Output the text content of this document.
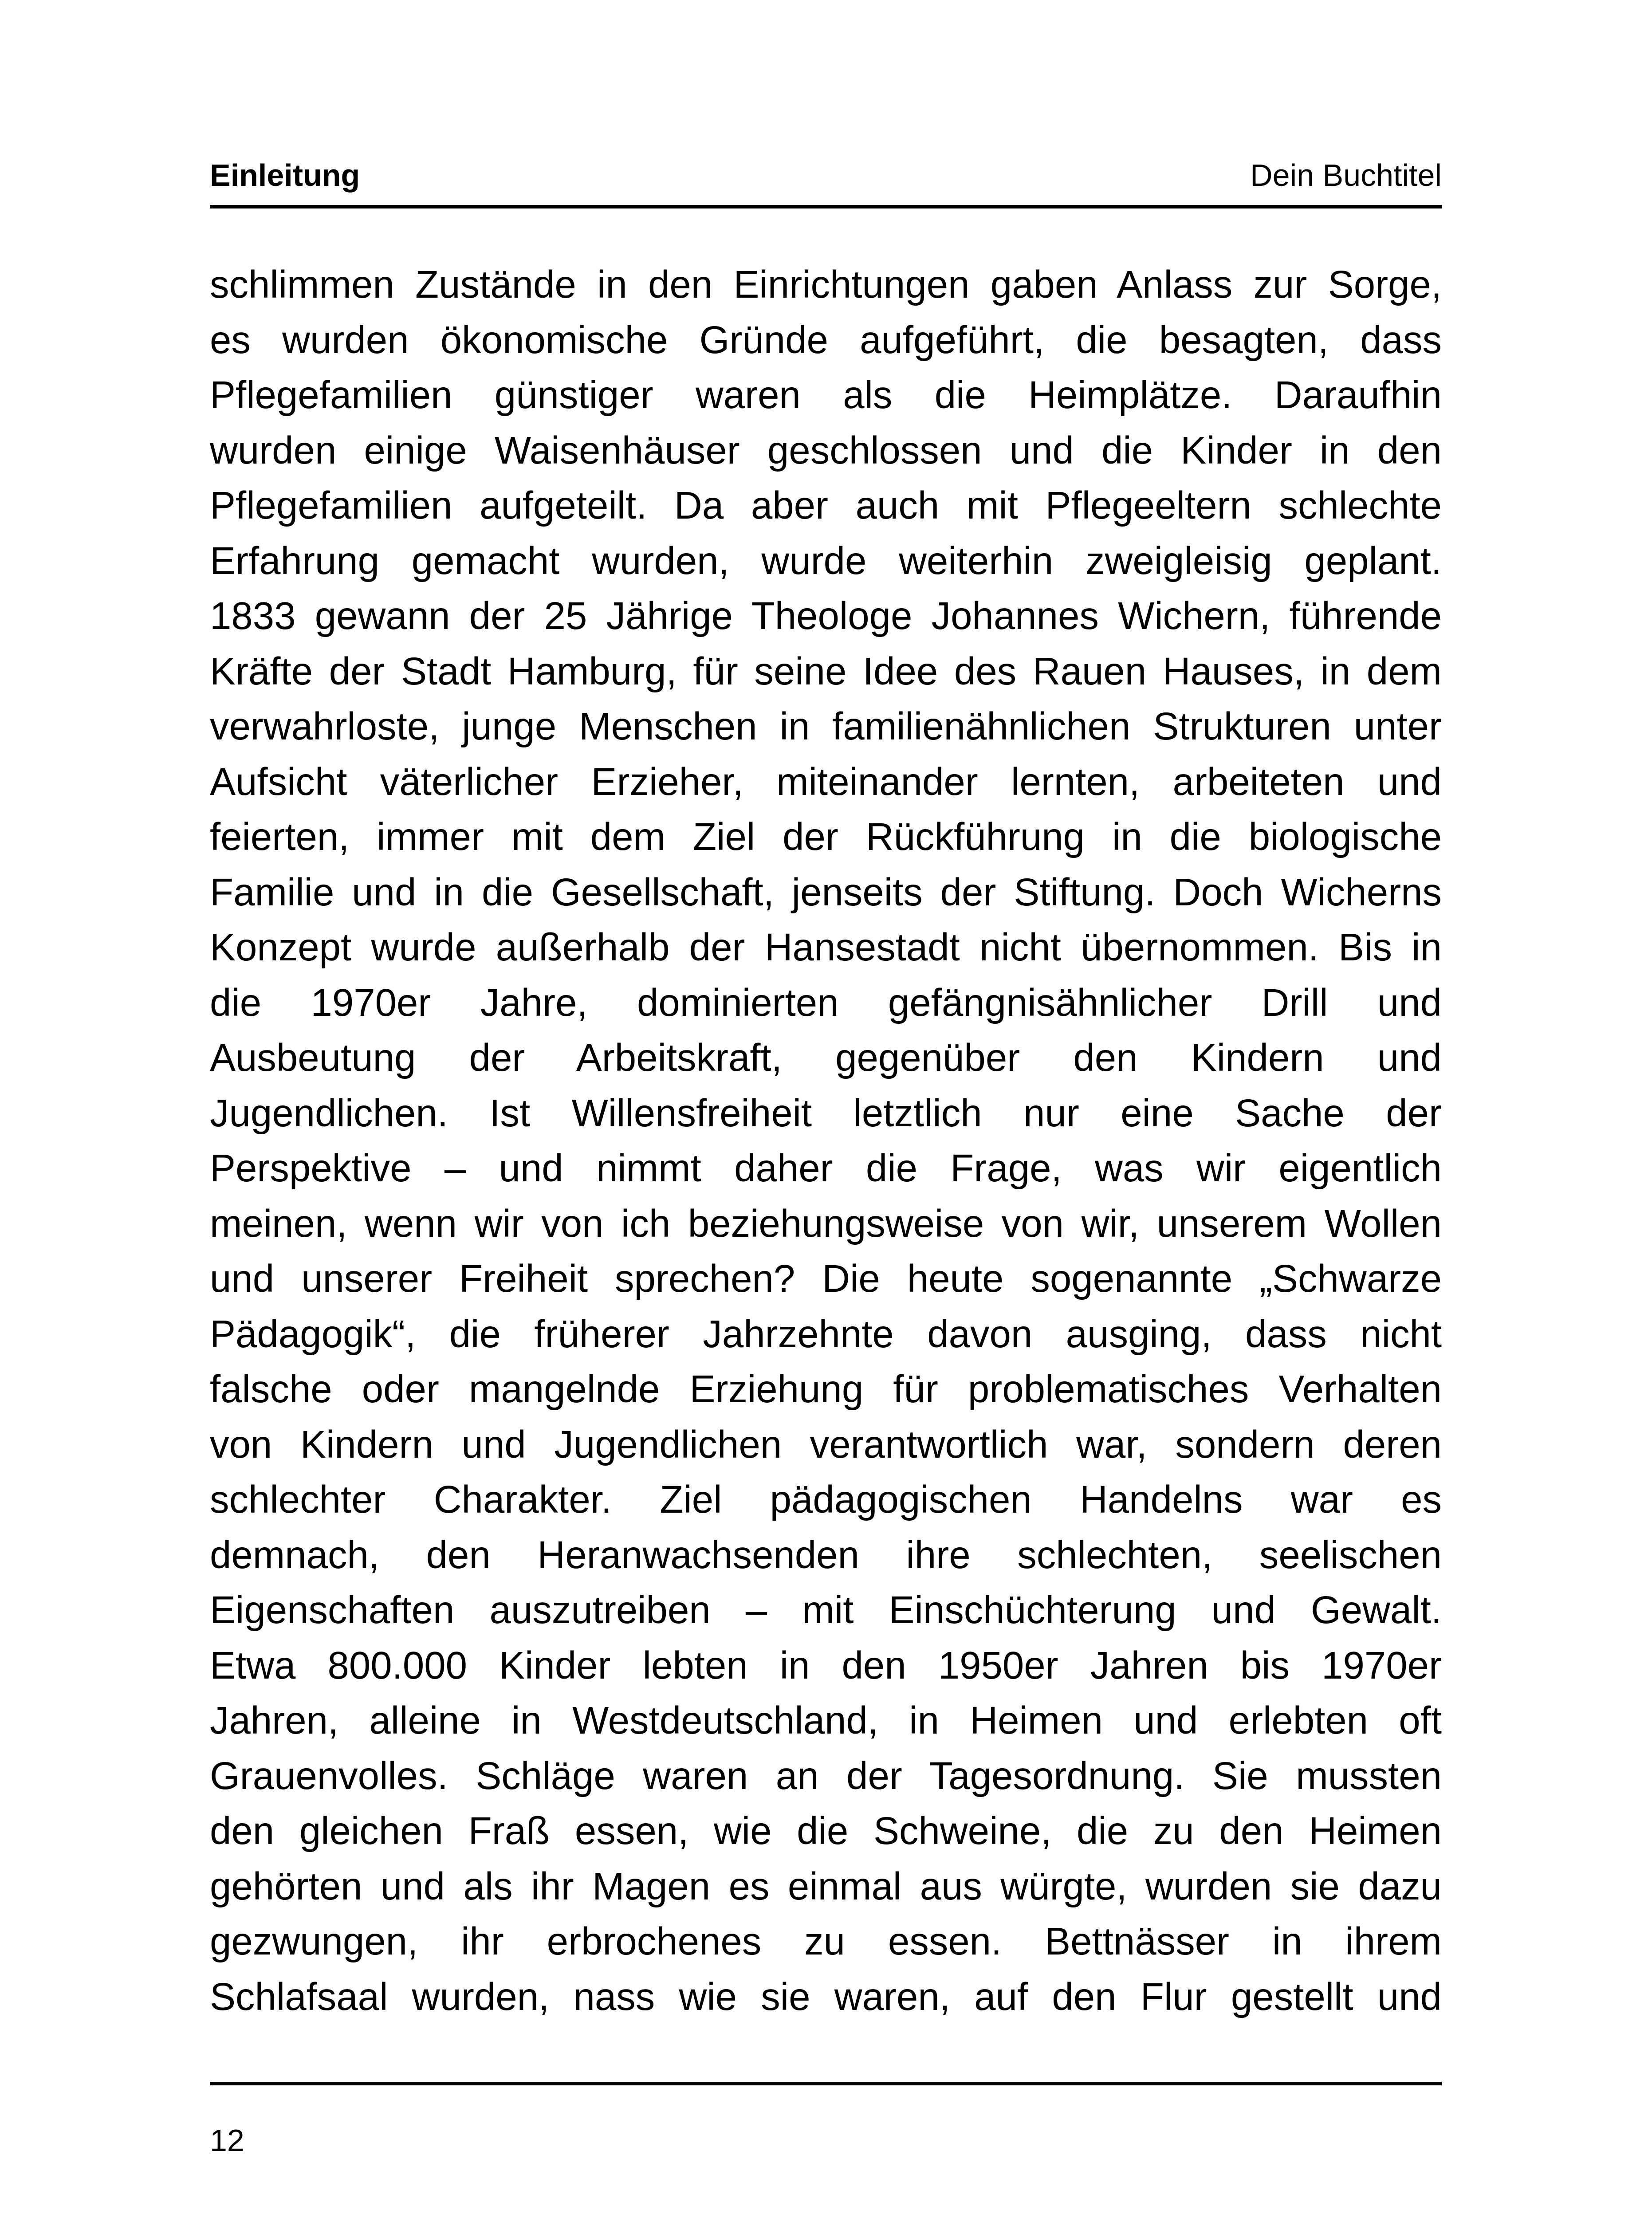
Einleitung	Dein Buchtitel
schlimmen Zustände in den Einrichtungen gaben Anlass zur Sorge,
es wurden ökonomische Gründe aufgeführt, die besagten, dass
Pflegefamilien günstiger waren als die Heimplätze. Daraufhin
wurden einige Waisenhäuser geschlossen und die Kinder in den
Pflegefamilien aufgeteilt. Da aber auch mit Pflegeeltern schlechte
Erfahrung gemacht wurden, wurde weiterhin zweigleisig geplant.
1833 gewann der 25 Jährige Theologe Johannes Wichern, führende
Kräfte der Stadt Hamburg, für seine Idee des Rauen Hauses, in dem
verwahrloste, junge Menschen in familienähnlichen Strukturen unter
Aufsicht väterlicher Erzieher, miteinander lernten, arbeiteten und
feierten, immer mit dem Ziel der Rückführung in die biologische
Familie und in die Gesellschaft, jenseits der Stiftung. Doch Wicherns
Konzept wurde außerhalb der Hansestadt nicht übernommen. Bis in
die 1970er Jahre, dominierten gefängnisähnlicher Drill und
Ausbeutung der Arbeitskraft, gegenüber den Kindern und
Jugendlichen. Ist Willensfreiheit letztlich nur eine Sache der
Perspektive – und nimmt daher die Frage, was wir eigentlich
meinen, wenn wir von ich beziehungsweise von wir, unserem Wollen
und unserer Freiheit sprechen? Die heute sogenannte „Schwarze
Pädagogik“, die früherer Jahrzehnte davon ausging, dass nicht
falsche oder mangelnde Erziehung für problematisches Verhalten
von Kindern und Jugendlichen verantwortlich war, sondern deren
schlechter Charakter. Ziel pädagogischen Handelns war es
demnach, den Heranwachsenden ihre schlechten, seelischen
Eigenschaften auszutreiben – mit Einschüchterung und Gewalt.
Etwa 800.000 Kinder lebten in den 1950er Jahren bis 1970er
Jahren, alleine in Westdeutschland, in Heimen und erlebten oft
Grauenvolles. Schläge waren an der Tagesordnung. Sie mussten
den gleichen Fraß essen, wie die Schweine, die zu den Heimen
gehörten und als ihr Magen es einmal aus würgte, wurden sie dazu
gezwungen, ihr erbrochenes zu essen. Bettnässer in ihrem
Schlafsaal wurden, nass wie sie waren, auf den Flur gestellt und
12
